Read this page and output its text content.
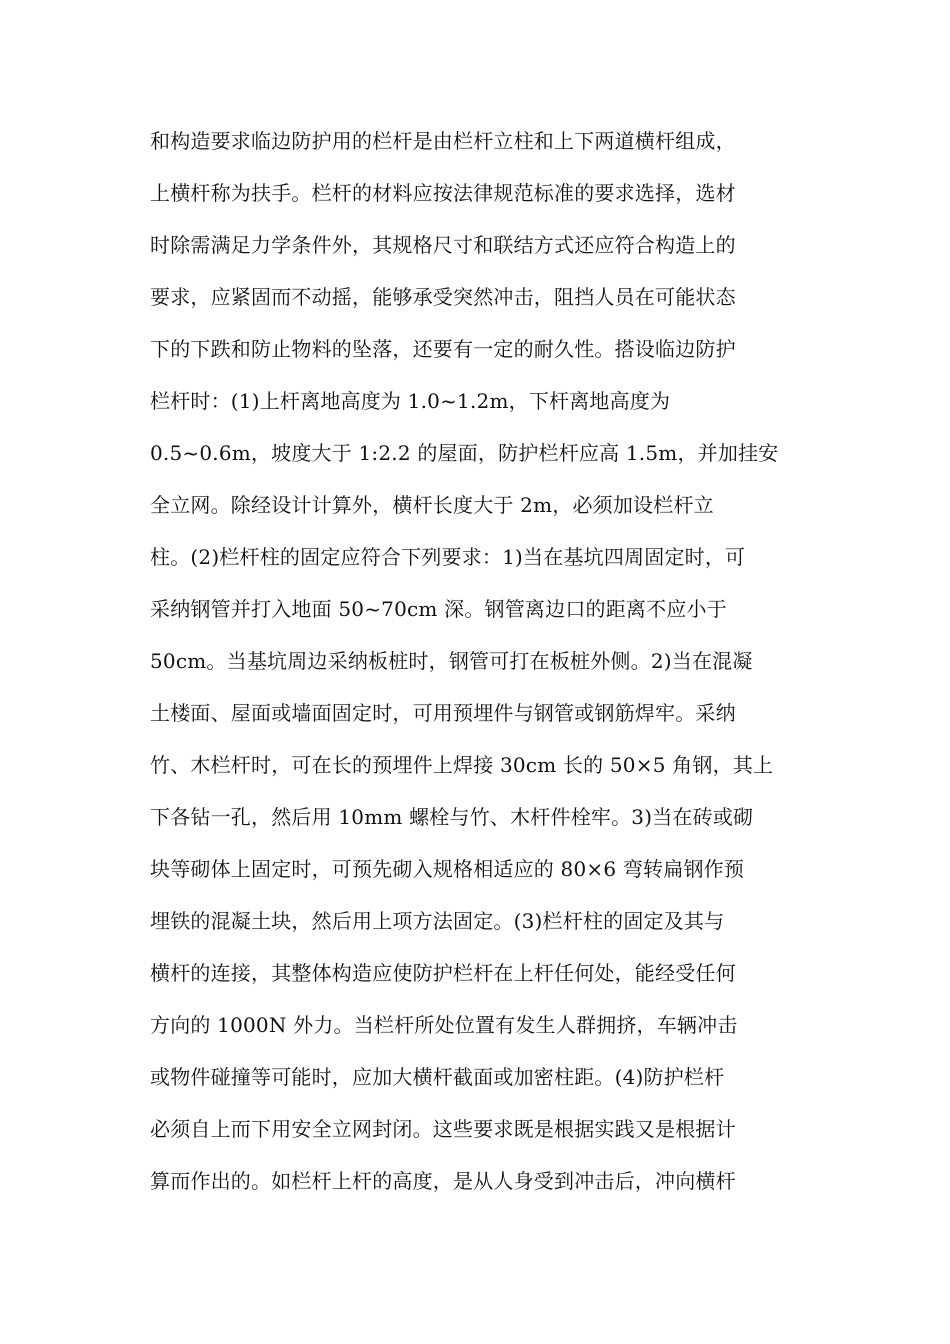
和构造要求临边防护用的栏杆是由栏杆立柱和上下两道横杆组成，
上横杆称为扶手。栏杆的材料应按法律规范标准的要求选择，选材
时除需满足力学条件外，其规格尺寸和联结方式还应符合构造上的
要求，应紧固而不动摇，能够承受突然冲击，阻挡人员在可能状态
下的下跌和防止物料的坠落，还要有一定的耐久性。搭设临边防护
栏杆时：(1)上杆离地高度为 1.0~1.2m，下杆离地高度为
0.5~0.6m，坡度大于 1:2.2 的屋面，防护栏杆应高 1.5m，并加挂安
全立网。除经设计计算外，横杆长度大于 2m，必须加设栏杆立
柱。(2)栏杆柱的固定应符合下列要求：1)当在基坑四周固定时，可
采纳钢管并打入地面 50~70cm 深。钢管离边口的距离不应小于
50cm。当基坑周边采纳板桩时，钢管可打在板桩外侧。2)当在混凝
土楼面、屋面或墙面固定时，可用预埋件与钢管或钢筋焊牢。采纳
竹、木栏杆时，可在长的预埋件上焊接 30cm 长的 50×5 角钢，其上
下各钻一孔，然后用 10mm 螺栓与竹、木杆件栓牢。3)当在砖或砌
块等砌体上固定时，可预先砌入规格相适应的 80×6 弯转扁钢作预
埋铁的混凝土块，然后用上项方法固定。(3)栏杆柱的固定及其与
横杆的连接，其整体构造应使防护栏杆在上杆任何处，能经受任何
方向的 1000N 外力。当栏杆所处位置有发生人群拥挤，车辆冲击
或物件碰撞等可能时，应加大横杆截面或加密柱距。(4)防护栏杆
必须自上而下用安全立网封闭。这些要求既是根据实践又是根据计
算而作出的。如栏杆上杆的高度，是从人身受到冲击后，冲向横杆
